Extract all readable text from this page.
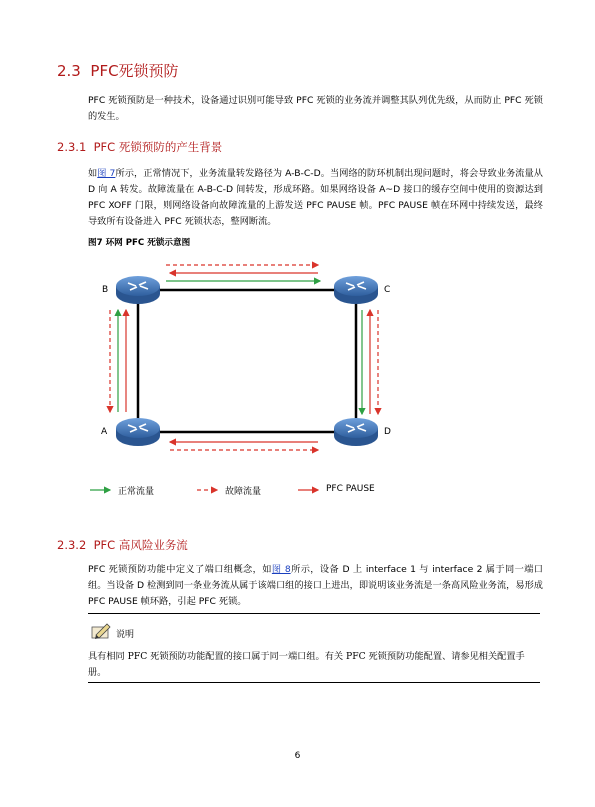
2.3 PFC死锁预防

PFC 死锁预防是一种技术，设备通过识别可能导致 PFC 死锁的业务流并调整其队列优先级，从而防止 PFC 死锁的发生。

2.3.1 PFC 死锁预防的产生背景

如图 7所示，正常情况下，业务流量转发路径为 A-B-C-D。当网络的防环机制出现问题时，将会导致业务流量从 D 向 A 转发。故障流量在 A-B-C-D 间转发，形成环路。如果网络设备 A~D 接口的缓存空间中使用的资源达到 PFC XOFF 门限，则网络设备向故障流量的上游发送 PFC PAUSE 帧。PFC PAUSE 帧在环网中持续发送，最终导致所有设备进入 PFC 死锁状态，整网断流。

图7 环网 PFC 死锁示意图
B	C
A	D
正常流量	故障流量	PFC PAUSE
2.3.2 PFC 高风险业务流

PFC 死锁预防功能中定义了端口组概念，如图 8所示，设备 D 上 interface 1 与 interface 2 属于同一端口组。当设备 D 检测到同一条业务流从属于该端口组的接口上进出，即说明该业务流是一条高风险业务流，易形成 PFC PAUSE 帧环路，引起 PFC 死锁。

说明

具有相同 PFC 死锁预防功能配置的接口属于同一端口组。有关 PFC 死锁预防功能配置、请参见相关配置手册。

6
